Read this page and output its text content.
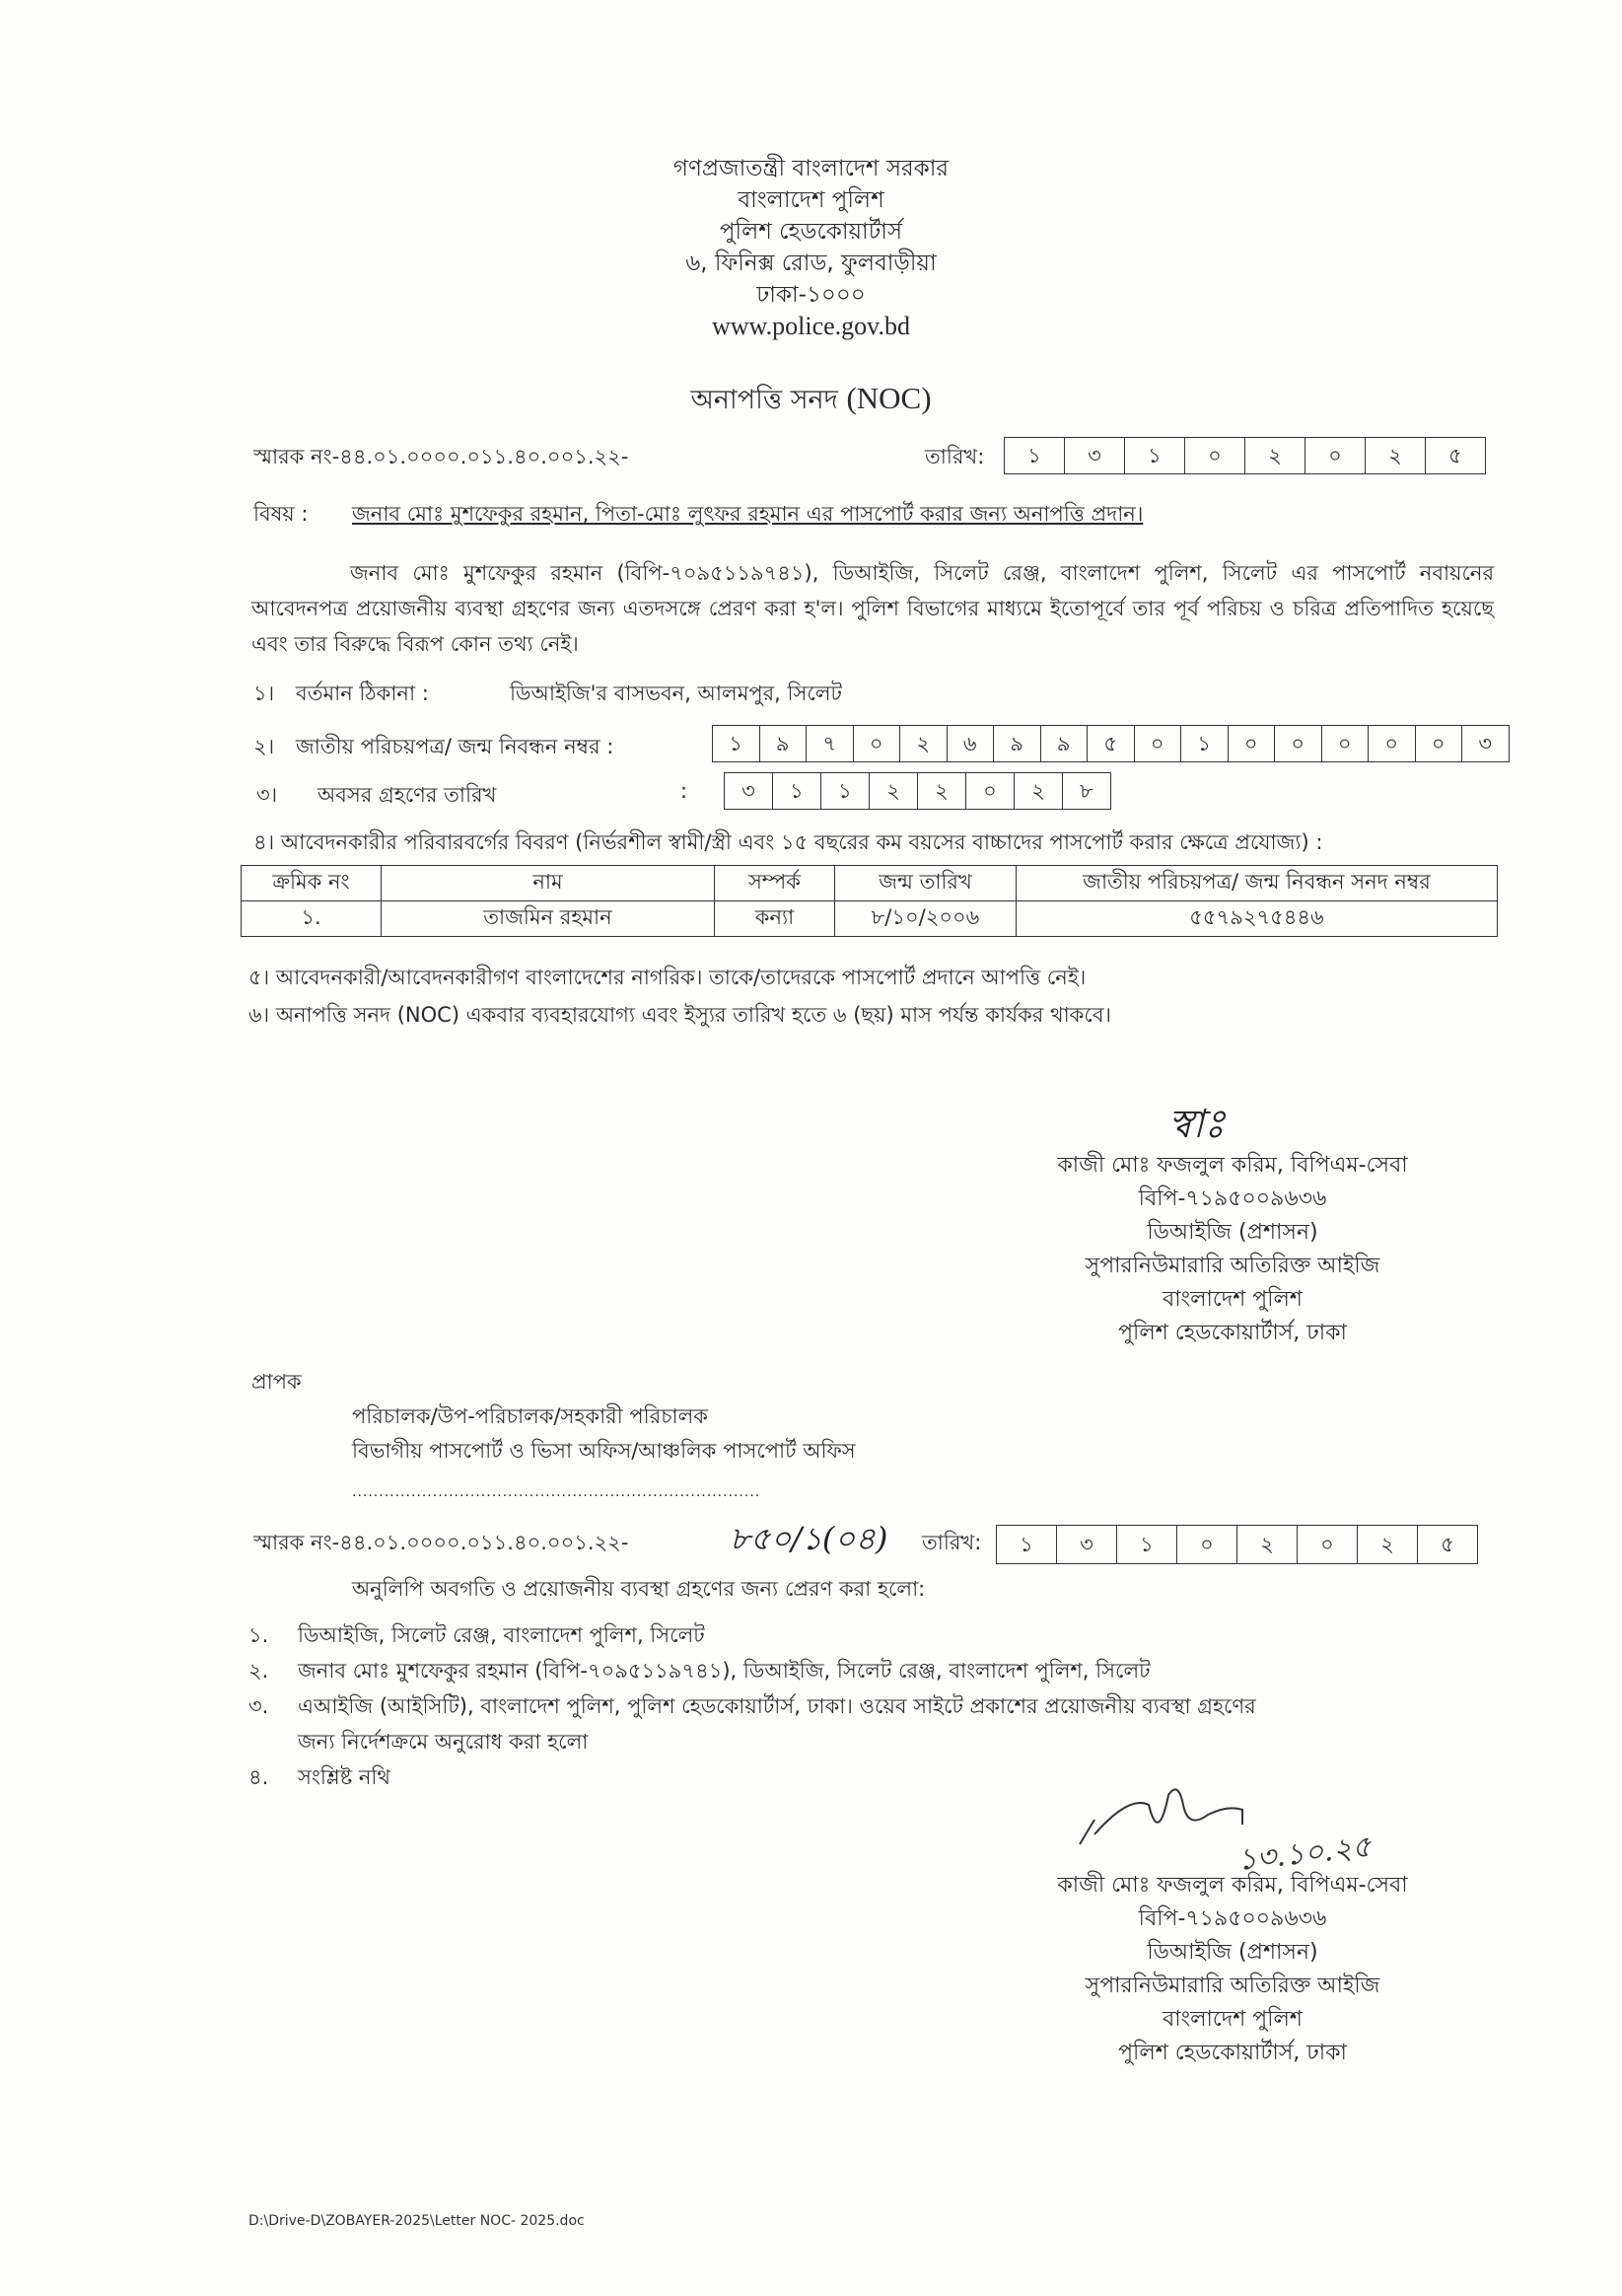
গণপ্রজাতন্ত্রী বাংলাদেশ সরকার
বাংলাদেশ পুলিশ
পুলিশ হেডকোয়ার্টার্স
৬, ফিনিক্স রোড, ফুলবাড়ীয়া
ঢাকা-১০০০
www.police.gov.bd
অনাপত্তি সনদ (NOC)
স্মারক নং-৪৪.০১.০০০০.০১১.৪০.০০১.২২-	তারিখ:	১	৩	১	০	২	০	২	৫
বিষয় : জনাব মোঃ মুশফেকুর রহমান, পিতা-মোঃ লুৎফর রহমান এর পাসপোর্ট করার জন্য অনাপত্তি প্রদান।
জনাব মোঃ মুশফেকুর রহমান (বিপি-৭০৯৫১১৯৭৪১), ডিআইজি, সিলেট রেঞ্জ, বাংলাদেশ পুলিশ, সিলেট এর পাসপোর্ট নবায়নের আবেদনপত্র প্রয়োজনীয় ব্যবস্থা গ্রহণের জন্য এতদসঙ্গে প্রেরণ করা হ'ল। পুলিশ বিভাগের মাধ্যমে ইতোপূর্বে তার পূর্ব পরিচয় ও চরিত্র প্রতিপাদিত হয়েছে এবং তার বিরুদ্ধে বিরূপ কোন তথ্য নেই।
১। বর্তমান ঠিকানা :	ডিআইজি'র বাসভবন, আলমপুর, সিলেট
২। জাতীয় পরিচয়পত্র/ জন্ম নিবন্ধন নম্বর :	১	৯	৭	০	২	৬	৯	৯	৫	০	১	০	০	০	০	০	৩
৩। অবসর গ্রহণের তারিখ	:	৩	১	১	২	২	০	২	৮
৪। আবেদনকারীর পরিবারবর্গের বিবরণ (নির্ভরশীল স্বামী/স্ত্রী এবং ১৫ বছরের কম বয়সের বাচ্চাদের পাসপোর্ট করার ক্ষেত্রে প্রযোজ্য) :
ক্রমিক নং	নাম	সম্পর্ক	জন্ম তারিখ	জাতীয় পরিচয়পত্র/ জন্ম নিবন্ধন সনদ নম্বর
১.	তাজমিন রহমান	কন্যা	৮/১০/২০০৬	৫৫৭৯২৭৫৪৪৬
৫। আবেদনকারী/আবেদনকারীগণ বাংলাদেশের নাগরিক। তাকে/তাদেরকে পাসপোর্ট প্রদানে আপত্তি নেই।
৬। অনাপত্তি সনদ (NOC) একবার ব্যবহারযোগ্য এবং ইস্যুর তারিখ হতে ৬ (ছয়) মাস পর্যন্ত কার্যকর থাকবে।
স্বাঃ
কাজী মোঃ ফজলুল করিম, বিপিএম-সেবা
বিপি-৭১৯৫০০৯৬৩৬
ডিআইজি (প্রশাসন)
সুপারনিউমারারি অতিরিক্ত আইজি
বাংলাদেশ পুলিশ
পুলিশ হেডকোয়ার্টার্স, ঢাকা
প্রাপক
পরিচালক/উপ-পরিচালক/সহকারী পরিচালক
বিভাগীয় পাসপোর্ট ও ভিসা অফিস/আঞ্চলিক পাসপোর্ট অফিস
............................................................................
স্মারক নং-৪৪.০১.০০০০.০১১.৪০.০০১.২২-	৮৫০/১(০৪) তারিখ:	১	৩	১	০	২	০	২	৫
অনুলিপি অবগতি ও প্রয়োজনীয় ব্যবস্থা গ্রহণের জন্য প্রেরণ করা হলো:
১.	ডিআইজি, সিলেট রেঞ্জ, বাংলাদেশ পুলিশ, সিলেট
২.	জনাব মোঃ মুশফেকুর রহমান (বিপি-৭০৯৫১১৯৭৪১), ডিআইজি, সিলেট রেঞ্জ, বাংলাদেশ পুলিশ, সিলেট
৩.	এআইজি (আইসিটি), বাংলাদেশ পুলিশ, পুলিশ হেডকোয়ার্টার্স, ঢাকা। ওয়েব সাইটে প্রকাশের প্রয়োজনীয় ব্যবস্থা গ্রহণের
জন্য নির্দেশক্রমে অনুরোধ করা হলো
৪.	সংশ্লিষ্ট নথি
১৩.১০.২৫
কাজী মোঃ ফজলুল করিম, বিপিএম-সেবা
বিপি-৭১৯৫০০৯৬৩৬
ডিআইজি (প্রশাসন)
সুপারনিউমারারি অতিরিক্ত আইজি
বাংলাদেশ পুলিশ
পুলিশ হেডকোয়ার্টার্স, ঢাকা
D:\Drive-D\ZOBAYER-2025\Letter NOC- 2025.doc
